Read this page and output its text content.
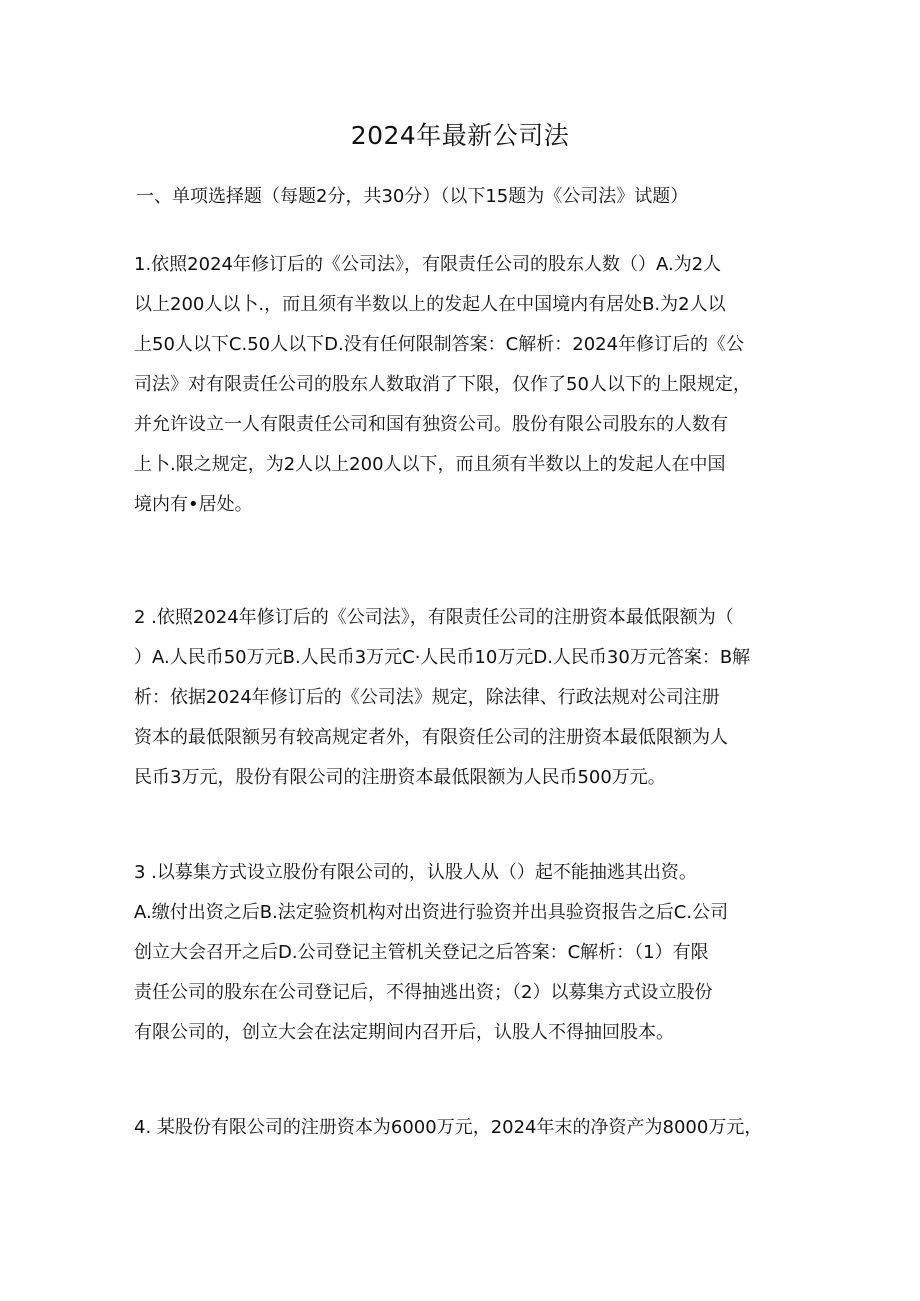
2024年最新公司法
一、单项选择题（每题2分，共30分）（以下15题为《公司法》试题）
1.依照2024年修订后的《公司法》，有限责任公司的股东人数（）A.为2人
以上200人以卜.，而且须有半数以上的发起人在中国境内有居处B.为2人以
上50人以下C.50人以下D.没有任何限制答案：C解析：2024年修订后的《公
司法》对有限责任公司的股东人数取消了下限，仅作了50人以下的上限规定，
并允许设立一人有限责任公司和国有独资公司。股份有限公司股东的人数有
上卜.限之规定，为2人以上200人以下，而且须有半数以上的发起人在中国
境内有•居处。
2 .依照2024年修订后的《公司法》，有限责任公司的注册资本最低限额为（
）A.人民币50万元B.人民币3万元C·人民币10万元D.人民币30万元答案：B解
析：依据2024年修订后的《公司法》规定，除法律、行政法规对公司注册
资本的最低限额另有较高规定者外，有限资任公司的注册资本最低限额为人
民币3万元，股份有限公司的注册资本最低限额为人民币500万元。
3 .以募集方式设立股份有限公司的，认股人从（）起不能抽逃其出资。
A.缴付出资之后B.法定验资机构对出资进行验资并出具验资报告之后C.公司
创立大会召开之后D.公司登记主管机关登记之后答案：C解析：（1）有限
责任公司的股东在公司登记后，不得抽逃出资；（2）以募集方式设立股份
有限公司的，创立大会在法定期间内召开后，认股人不得抽回股本。
4. 某股份有限公司的注册资本为6000万元，2024年末的净资产为8000万元，
